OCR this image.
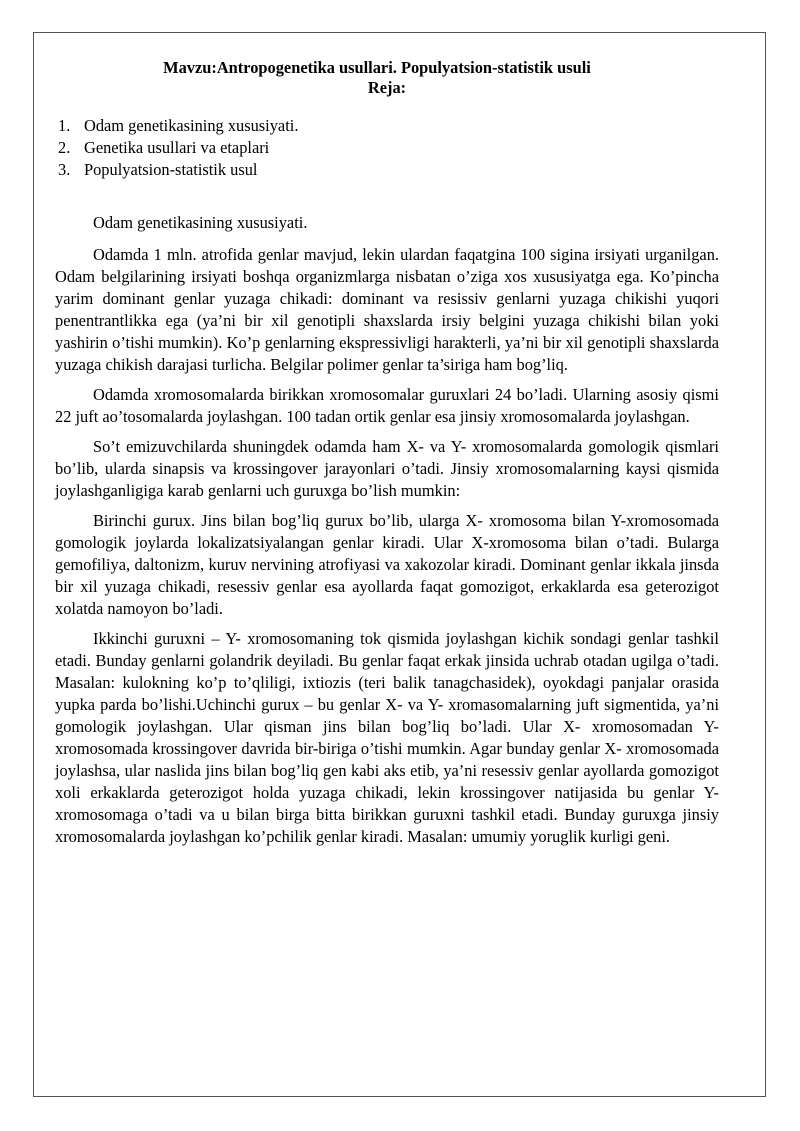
Mavzu:Antropogenetika usullari. Populyatsion-statistik usuli
Reja:
1. Odam genetikasining xususiyati.
2. Genetika usullari va etaplari
3. Populyatsion-statistik usul

Odam genetikasining xususiyati.

Odamda 1 mln. atrofida genlar mavjud, lekin ulardan faqatgina 100 sigina irsiyati urganilgan. Odam belgilarining irsiyati boshqa organizmlarga nisbatan o’ziga xos xususiyatga ega. Ko’pincha yarim dominant genlar yuzaga chikadi: dominant va resissiv genlarni yuzaga chikishi yuqori penentrantlikka ega (ya’ni bir xil genotipli shaxslarda irsiy belgini yuzaga chikishi bilan yoki yashirin o’tishi mumkin). Ko’p genlarning ekspressivligi harakterli, ya’ni bir xil genotipli shaxslarda yuzaga chikish darajasi turlicha. Belgilar polimer genlar ta’siriga ham bog’liq.

Odamda xromosomalarda birikkan xromosomalar guruxlari 24 bo’ladi. Ularning asosiy qismi 22 juft ao’tosomalarda joylashgan. 100 tadan ortik genlar esa jinsiy xromosomalarda joylashgan.

So’t emizuvchilarda shuningdek odamda ham X- va Y- xromosomalarda gomologik qismlari bo’lib, ularda sinapsis va krossingover jarayonlari o’tadi. Jinsiy xromosomalarning kaysi qismida joylashganligiga karab genlarni uch guruxga bo’lish mumkin:

Birinchi gurux. Jins bilan bog’liq gurux bo’lib, ularga X- xromosoma bilan Y-xromosomada gomologik joylarda lokalizatsiyalangan genlar kiradi. Ular X-xromosoma bilan o’tadi. Bularga gemofiliya, daltonizm, kuruv nervining atrofiyasi va xakozolar kiradi. Dominant genlar ikkala jinsda bir xil yuzaga chikadi, resessiv genlar esa ayollarda faqat gomozigot, erkaklarda esa geterozigot xolatda namoyon bo’ladi.

Ikkinchi guruxni – Y- xromosomaning tok qismida joylashgan kichik sondagi genlar tashkil etadi. Bunday genlarni golandrik deyiladi. Bu genlar faqat erkak jinsida uchrab otadan ugilga o’tadi. Masalan: kulokning ko’p to’qliligi, ixtiozis (teri balik tanagchasidek), oyokdagi panjalar orasida yupka parda bo’lishi.Uchinchi gurux – bu genlar X- va Y- xromasomalarning juft sigmentida, ya’ni gomologik joylashgan. Ular qisman jins bilan bog’liq bo’ladi. Ular X- xromosomadan Y- xromosomada krossingover davrida bir-biriga o’tishi mumkin. Agar bunday genlar X- xromosomada joylashsa, ular naslida jins bilan bog’liq gen kabi aks etib, ya’ni resessiv genlar ayollarda gomozigot xoli erkaklarda geterozigot holda yuzaga chikadi, lekin krossingover natijasida bu genlar Y- xromosomaga o’tadi va u bilan birga bitta birikkan guruxni tashkil etadi. Bunday guruxga jinsiy xromosomalarda joylashgan ko’pchilik genlar kiradi. Masalan: umumiy yoruglik kurligi geni.
